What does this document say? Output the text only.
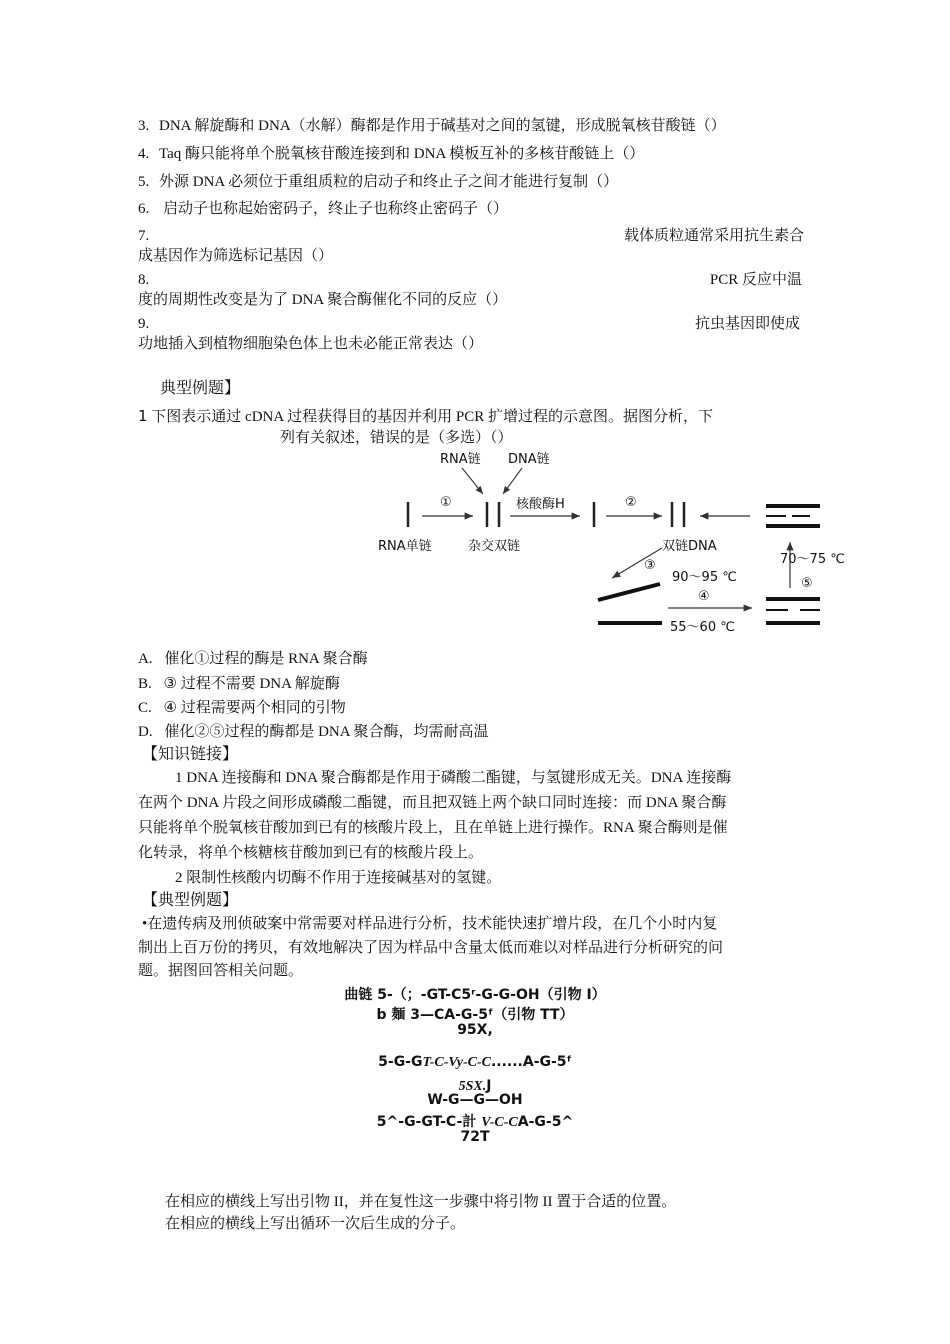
3. DNA 解旋酶和 DNA（水解）酶都是作用于碱基对之间的氢键，形成脱氧核苷酸链（）
4. Taq 酶只能将单个脱氧核苷酸连接到和 DNA 模板互补的多核苷酸链上（）
5. 外源 DNA 必须位于重组质粒的启动子和终止子之间才能进行复制（）
6. 启动子也称起始密码子，终止子也称终止密码子（）
7.	载体质粒通常采用抗生素合
成基因作为筛选标记基因（）
8.	PCR 反应中温
度的周期性改变是为了 DNA 聚合酶催化不同的反应（）
9.	抗虫基因即使成
功地插入到植物细胞染色体上也未必能正常表达（）
典型例题】
1 下图表示通过 cDNA 过程获得目的基因并利用 PCR 扩增过程的示意图。据图分析，下
列有关叙述，错误的是（多选）（）
RNA链 DNA链
①	核酸酶H	②
RNA单链	杂交双链	双链DNA
③
90～95 ℃
70～75 ℃
⑤
④
55～60 ℃
A. 催化①过程的酶是 RNA 聚合酶
B. ③ 过程不需要 DNA 解旋酶
C. ④ 过程需要两个相同的引物
D. 催化②⑤过程的酶都是 DNA 聚合酶，均需耐高温
【知识链接】
1 DNA 连接酶和 DNA 聚合酶都是作用于磷酸二酯键，与氢键形成无关。DNA 连接酶
在两个 DNA 片段之间形成磷酸二酯键，而且把双链上两个缺口同时连接：而 DNA 聚合酶
只能将单个脱氧核苷酸加到已有的核酸片段上，且在单链上进行操作。RNA 聚合酶则是催
化转录，将单个核糖核苷酸加到已有的核酸片段上。
2 限制性核酸内切酶不作用于连接碱基对的氢键。
【典型例题】
•在遗传病及刑侦破案中常需要对样品进行分析，技术能快速扩增片段，在几个小时内复
制出上百万份的拷贝，有效地解决了因为样品中含量太低而难以对样品进行分析研究的问
题。据图回答相关问题。
曲链 5-（；-GT-C5ʳ-G-G-OH（引物 I）
b 麺 3—CA-G-5ᶠ（引物 TT）
95X,
5-G-GT-C-Vy-C-C......A-G-5ᶠ
5SX.J
W-G—G—OH
5^-G-GT-C-計 V-C-CA-G-5^
72T
在相应的横线上写出引物 II，并在复性这一步骤中将引物 II 置于合适的位置。
在相应的横线上写出循环一次后生成的分子。
